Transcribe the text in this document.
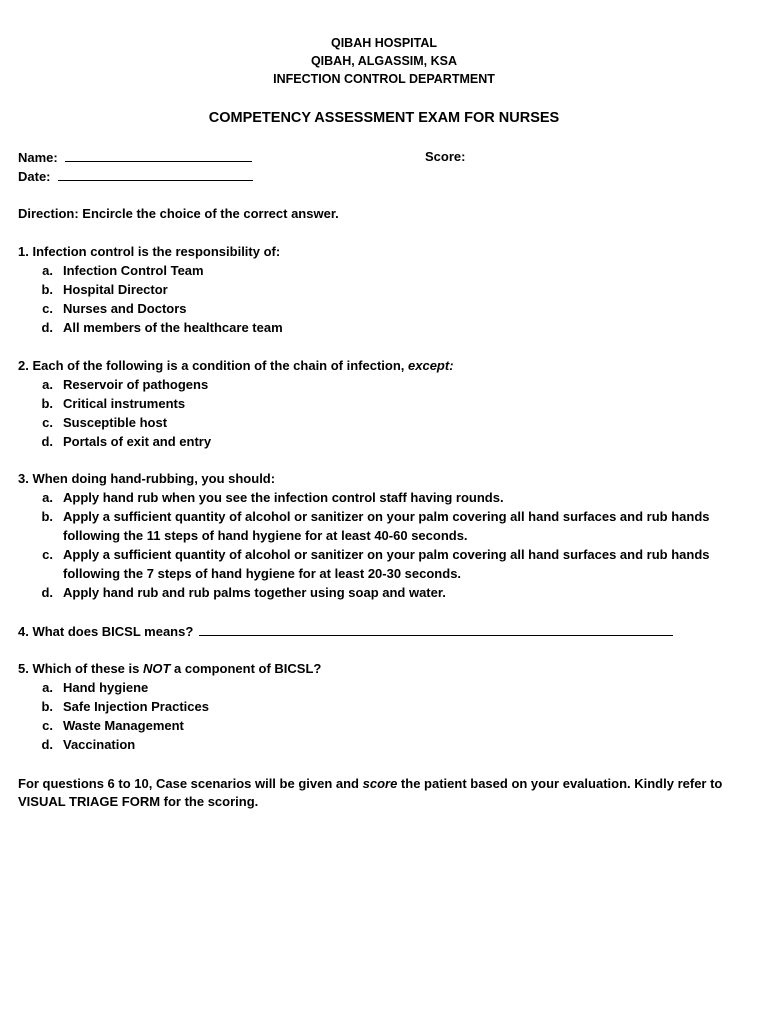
QIBAH HOSPITAL
QIBAH, ALGASSIM, KSA
INFECTION CONTROL DEPARTMENT
COMPETENCY ASSESSMENT EXAM FOR NURSES
Name:	Score:
Date:
Direction: Encircle the choice of the correct answer.
1. Infection control is the responsibility of:
a. Infection Control Team
b. Hospital Director
c. Nurses and Doctors
d. All members of the healthcare team
2. Each of the following is a condition of the chain of infection, except:
a. Reservoir of pathogens
b. Critical instruments
c. Susceptible host
d. Portals of exit and entry
3. When doing hand-rubbing, you should:
a. Apply hand rub when you see the infection control staff having rounds.
b. Apply a sufficient quantity of alcohol or sanitizer on your palm covering all hand surfaces and rub hands
following the 11 steps of hand hygiene for at least 40-60 seconds.
c. Apply a sufficient quantity of alcohol or sanitizer on your palm covering all hand surfaces and rub hands
following the 7 steps of hand hygiene for at least 20-30 seconds.
d. Apply hand rub and rub palms together using soap and water.
4. What does BICSL means?
5. Which of these is NOT a component of BICSL?
a. Hand hygiene
b. Safe Injection Practices
c. Waste Management
d. Vaccination
For questions 6 to 10, Case scenarios will be given and score the patient based on your evaluation. Kindly refer to
VISUAL TRIAGE FORM for the scoring.
